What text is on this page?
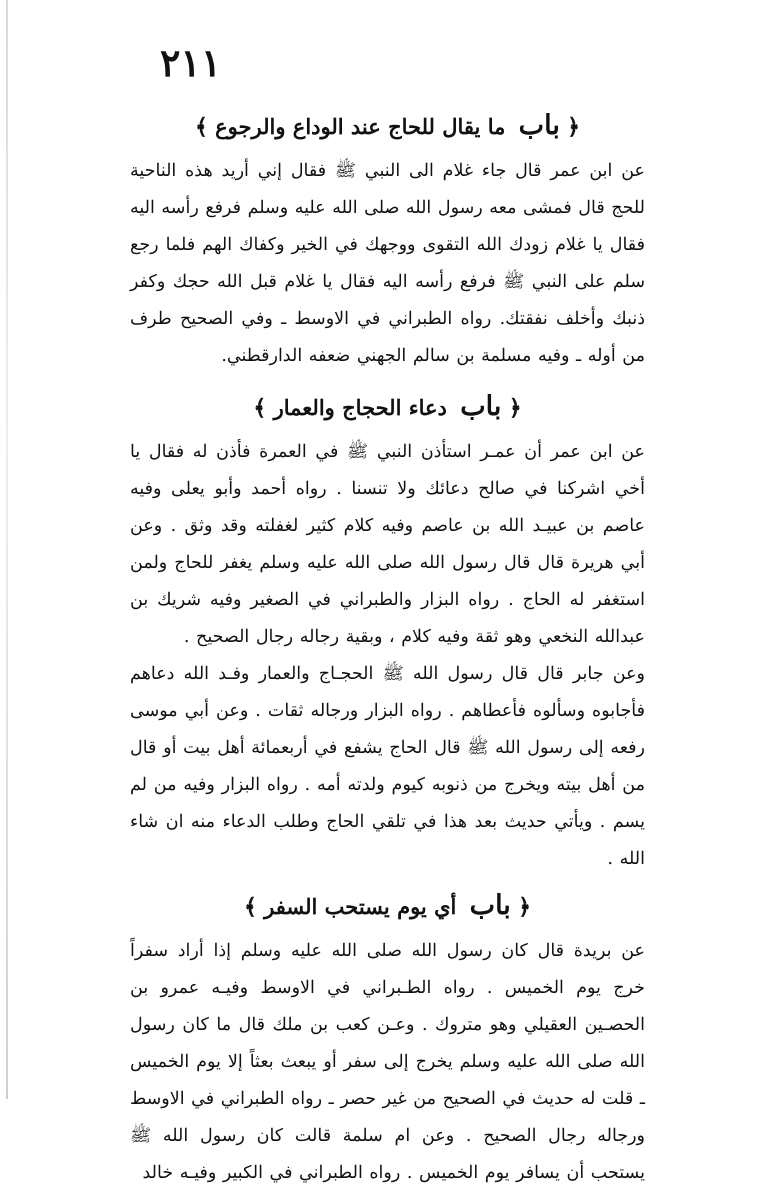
٢١١
﴿ باب ما يقال للحاج عند الوداع والرجوع ﴾

عن ابن عمر قال جاء غلام الى النبي ﷺ فقال إني أريد هذه الناحية للحج قال فمشى معه رسول الله صلى الله عليه وسلم فرفع رأسه اليه فقال يا غلام زودك الله التقوى ووجهك في الخير وكفاك الهم فلما رجع سلم على النبي ﷺ فرفع رأسه اليه فقال يا غلام قبل الله حجك وكفر ذنبك وأخلف نفقتك. رواه الطبراني في الاوسط ـ وفي الصحيح طرف من أوله ـ وفيه مسلمة بن سالم الجهني ضعفه الدارقطني.

﴿ باب دعاء الحجاج والعمار ﴾

عن ابن عمر أن عمـر استأذن النبي ﷺ في العمرة فأذن له فقال يا أخي اشركنا في صالح دعائك ولا تنسنا . رواه أحمد وأبو يعلى وفيه عاصم بن عبيـد الله بن عاصم وفيه كلام كثير لغفلته وقد وثق . وعن أبي هريرة قال قال رسول الله صلى الله عليه وسلم يغفر للحاج ولمن استغفر له الحاج . رواه البزار والطبراني في الصغير وفيه شريك بن عبدالله النخعي وهو ثقة وفيه كلام ، وبقية رجاله رجال الصحيح .

وعن جابر قال قال رسول الله ﷺ الحجـاج والعمار وفـد الله دعاهم فأجابوه وسألوه فأعطاهم . رواه البزار ورجاله ثقات . وعن أبي موسى رفعه إلى رسول الله ﷺ قال الحاج يشفع في أربعمائة أهل بيت أو قال من أهل بيته ويخرج من ذنوبه كيوم ولدته أمه . رواه البزار وفيه من لم يسم . ويأتي حديث بعد هذا في تلقي الحاج وطلب الدعاء منه ان شاء الله .

﴿ باب أي يوم يستحب السفر ﴾

عن بريدة قال كان رسول الله صلى الله عليه وسلم إذا أراد سفراً خرج يوم الخميس . رواه الطـبراني في الاوسط وفيـه عمرو بن الحصـين العقيلي وهو متروك . وعـن كعب بن ملك قال ما كان رسول الله صلى الله عليه وسلم يخرج إلى سفر أو يبعث بعثاً إلا يوم الخميس ـ قلت له حديث في الصحيح من غير حصر ـ رواه الطبراني في الاوسط ورجاله رجال الصحيح . وعن ام سلمة قالت كان رسول الله ﷺ يستحب أن يسافر يوم الخميس . رواه الطبراني في الكبير وفيـه خالد
